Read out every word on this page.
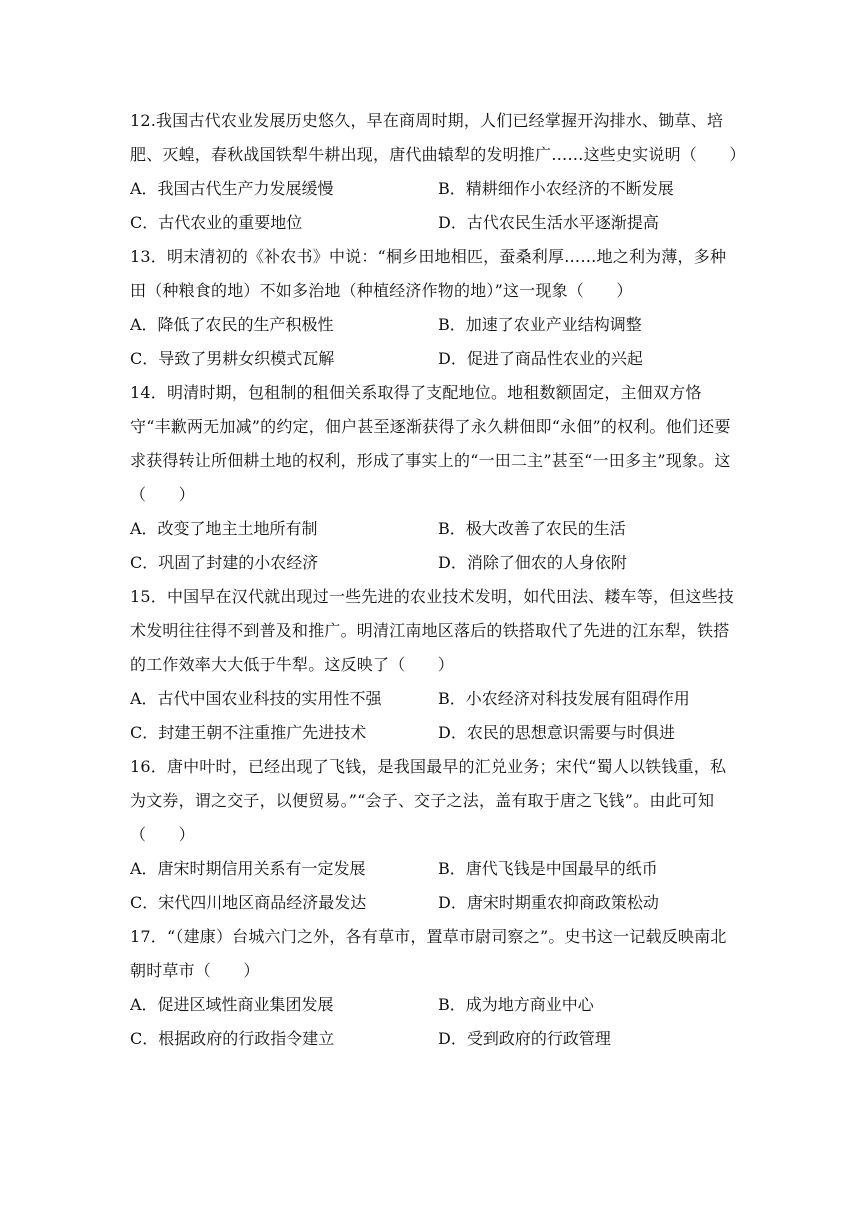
12.我国古代农业发展历史悠久，早在商周时期，人们已经掌握开沟排水、锄草、培肥、灭蝗，春秋战国铁犁牛耕出现，唐代曲辕犁的发明推广……这些史实说明（　　）

A．我国古代生产力发展缓慢	B．精耕细作小农经济的不断发展
C．古代农业的重要地位	D．古代农民生活水平逐渐提高

13．明末清初的《补农书》中说：“桐乡田地相匹，蚕桑利厚……地之利为薄，多种田（种粮食的地）不如多治地（种植经济作物的地）”这一现象（　　）

A．降低了农民的生产积极性	B．加速了农业产业结构调整
C．导致了男耕女织模式瓦解	D．促进了商品性农业的兴起

14．明清时期，包租制的租佃关系取得了支配地位。地租数额固定，主佃双方恪守“丰歉两无加减”的约定，佃户甚至逐渐获得了永久耕佃即“永佃”的权利。他们还要求获得转让所佃耕土地的权利，形成了事实上的“一田二主”甚至“一田多主”现象。这（　　）

A．改变了地主土地所有制	B．极大改善了农民的生活
C．巩固了封建的小农经济	D．消除了佃农的人身依附

15．中国早在汉代就出现过一些先进的农业技术发明，如代田法、耧车等，但这些技术发明往往得不到普及和推广。明清江南地区落后的铁搭取代了先进的江东犁，铁搭的工作效率大大低于牛犁。这反映了（　　）

A．古代中国农业科技的实用性不强	B．小农经济对科技发展有阻碍作用
C．封建王朝不注重推广先进技术	D．农民的思想意识需要与时俱进

16．唐中叶时，已经出现了飞钱，是我国最早的汇兑业务；宋代“蜀人以铁钱重，私为文券，谓之交子，以便贸易。”“会子、交子之法，盖有取于唐之飞钱”。由此可知（　　）

A．唐宋时期信用关系有一定发展	B．唐代飞钱是中国最早的纸币
C．宋代四川地区商品经济最发达	D．唐宋时期重农抑商政策松动

17．“（建康）台城六门之外，各有草市，置草市尉司察之”。史书这一记载反映南北朝时草市（　　）

A．促进区域性商业集团发展	B．成为地方商业中心
C．根据政府的行政指令建立	D．受到政府的行政管理
